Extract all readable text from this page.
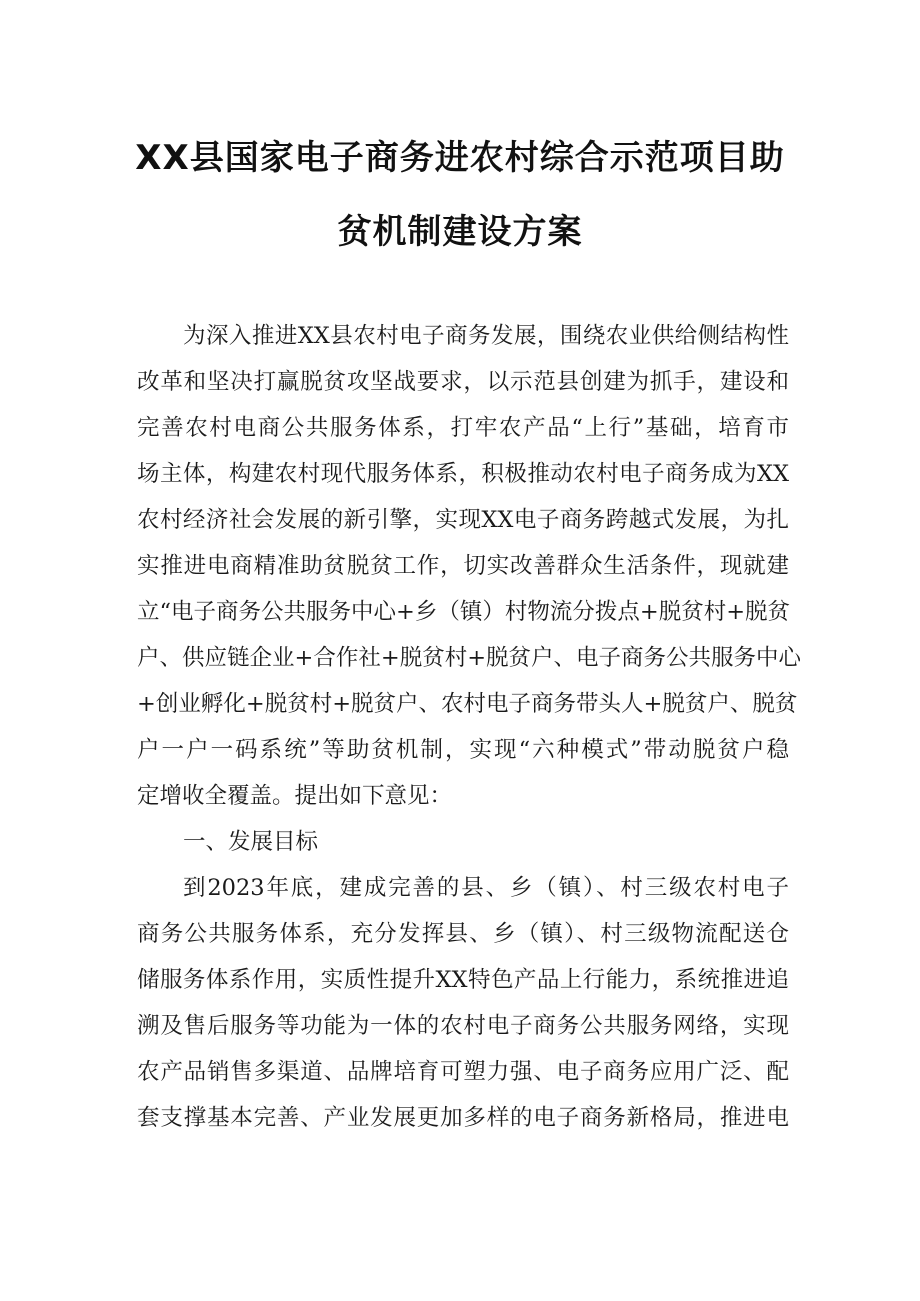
XX县国家电子商务进农村综合示范项目助
贫机制建设方案
为深入推进XX县农村电子商务发展，围绕农业供给侧结构性
改革和坚决打赢脱贫攻坚战要求，以示范县创建为抓手，建设和
完善农村电商公共服务体系，打牢农产品“上行”基础，培育市
场主体，构建农村现代服务体系，积极推动农村电子商务成为XX
农村经济社会发展的新引擎，实现XX电子商务跨越式发展，为扎
实推进电商精准助贫脱贫工作，切实改善群众生活条件，现就建
立“电子商务公共服务中心+乡（镇）村物流分拨点+脱贫村+脱贫
户、供应链企业+合作社+脱贫村+脱贫户、电子商务公共服务中心
+创业孵化+脱贫村+脱贫户、农村电子商务带头人+脱贫户、脱贫
户一户一码系统”等助贫机制，实现“六种模式”带动脱贫户稳
定增收全覆盖。提出如下意见：
一、发展目标
到2023年底，建成完善的县、乡（镇）、村三级农村电子
商务公共服务体系，充分发挥县、乡（镇）、村三级物流配送仓
储服务体系作用，实质性提升XX特色产品上行能力，系统推进追
溯及售后服务等功能为一体的农村电子商务公共服务网络，实现
农产品销售多渠道、品牌培育可塑力强、电子商务应用广泛、配
套支撑基本完善、产业发展更加多样的电子商务新格局，推进电
